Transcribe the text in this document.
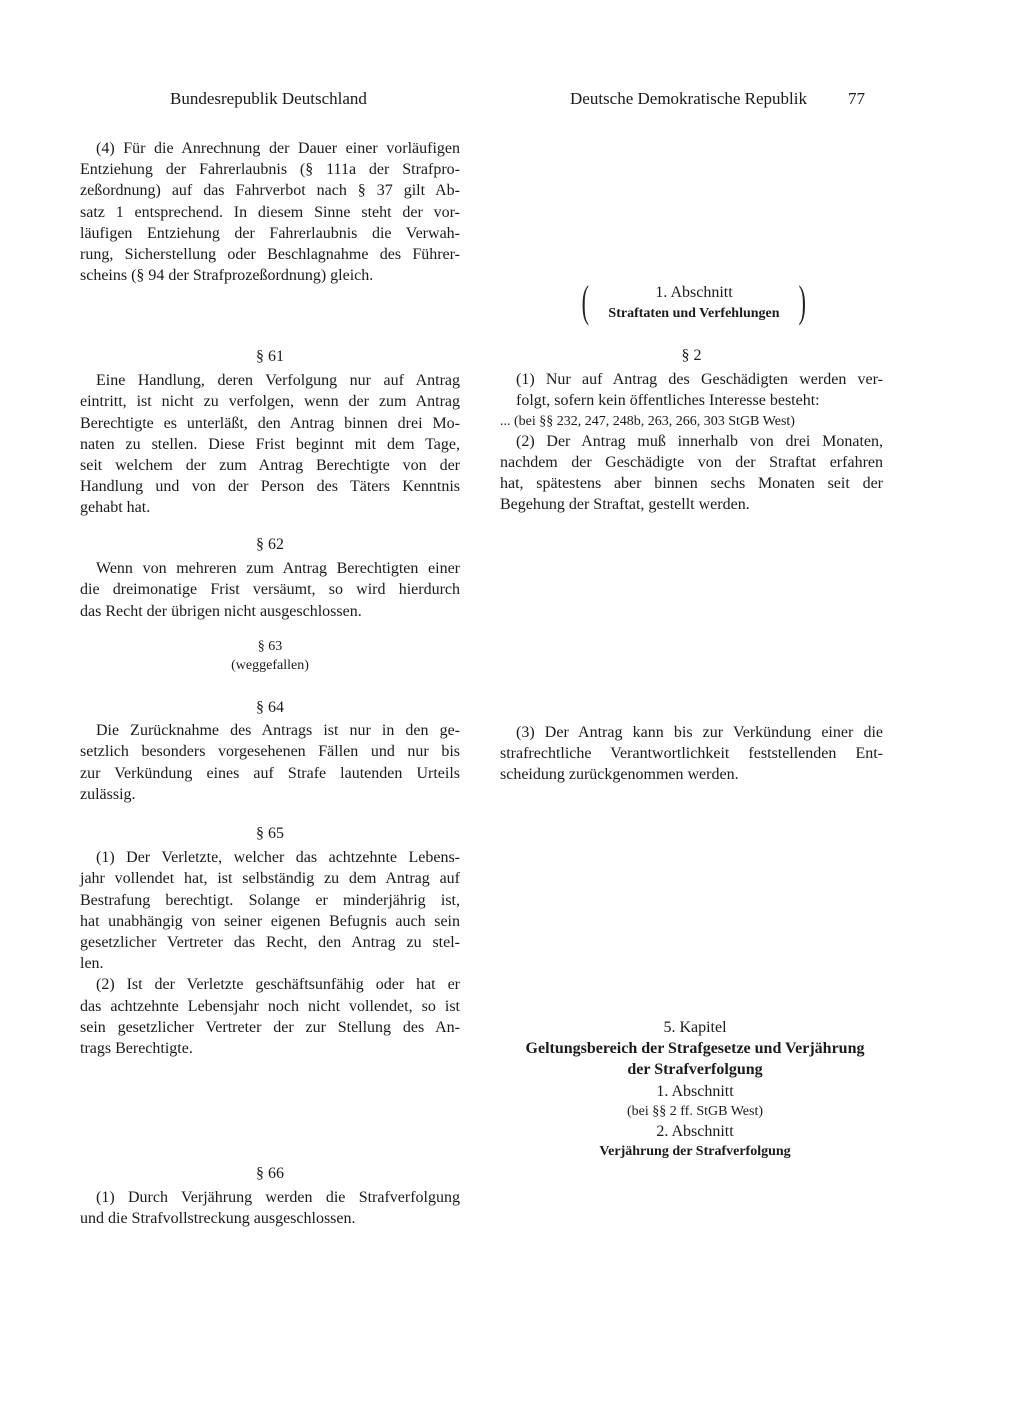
Bundesrepublik Deutschland	Deutsche Demokratische Republik 77
(4) Für die Anrechnung der Dauer einer vorläufigen
Entziehung der Fahrerlaubnis (§ 111a der Strafpro-
zeßordnung) auf das Fahrverbot nach § 37 gilt Ab-
satz 1 entsprechend. In diesem Sinne steht der vor-
läufigen Entziehung der Fahrerlaubnis die Verwah-
rung, Sicherstellung oder Beschlagnahme des Führer-
scheins (§ 94 der Strafprozeßordnung) gleich.
§ 61
Eine Handlung, deren Verfolgung nur auf Antrag
eintritt, ist nicht zu verfolgen, wenn der zum Antrag
Berechtigte es unterläßt, den Antrag binnen drei Mo-
naten zu stellen. Diese Frist beginnt mit dem Tage,
seit welchem der zum Antrag Berechtigte von der
Handlung und von der Person des Täters Kenntnis
gehabt hat.
§ 62
Wenn von mehreren zum Antrag Berechtigten einer
die dreimonatige Frist versäumt, so wird hierdurch
das Recht der übrigen nicht ausgeschlossen.
§ 63
(weggefallen)
§ 64
Die Zurücknahme des Antrags ist nur in den ge-
setzlich besonders vorgesehenen Fällen und nur bis
zur Verkündung eines auf Strafe lautenden Urteils
zulässig.
§ 65
(1) Der Verletzte, welcher das achtzehnte Lebens-
jahr vollendet hat, ist selbständig zu dem Antrag auf
Bestrafung berechtigt. Solange er minderjährig ist,
hat unabhängig von seiner eigenen Befugnis auch sein
gesetzlicher Vertreter das Recht, den Antrag zu stel-
len.
(2) Ist der Verletzte geschäftsunfähig oder hat er
das achtzehnte Lebensjahr noch nicht vollendet, so ist
sein gesetzlicher Vertreter der zur Stellung des An-
trags Berechtigte.
§ 66
(1) Durch Verjährung werden die Strafverfolgung
und die Strafvollstreckung ausgeschlossen.
(	1. Abschnitt
Straftaten und Verfehlungen )
§ 2
(1) Nur auf Antrag des Geschädigten werden ver-
folgt, sofern kein öffentliches Interesse besteht:
... (bei §§ 232, 247, 248b, 263, 266, 303 StGB West)
(2) Der Antrag muß innerhalb von drei Monaten,
nachdem der Geschädigte von der Straftat erfahren
hat, spätestens aber binnen sechs Monaten seit der
Begehung der Straftat, gestellt werden.
(3) Der Antrag kann bis zur Verkündung einer die
strafrechtliche Verantwortlichkeit feststellenden Ent-
scheidung zurückgenommen werden.
5. Kapitel
Geltungsbereich der Strafgesetze und Verjährung
der Strafverfolgung
1. Abschnitt
(bei §§ 2 ff. StGB West)
2. Abschnitt
Verjährung der Strafverfolgung
